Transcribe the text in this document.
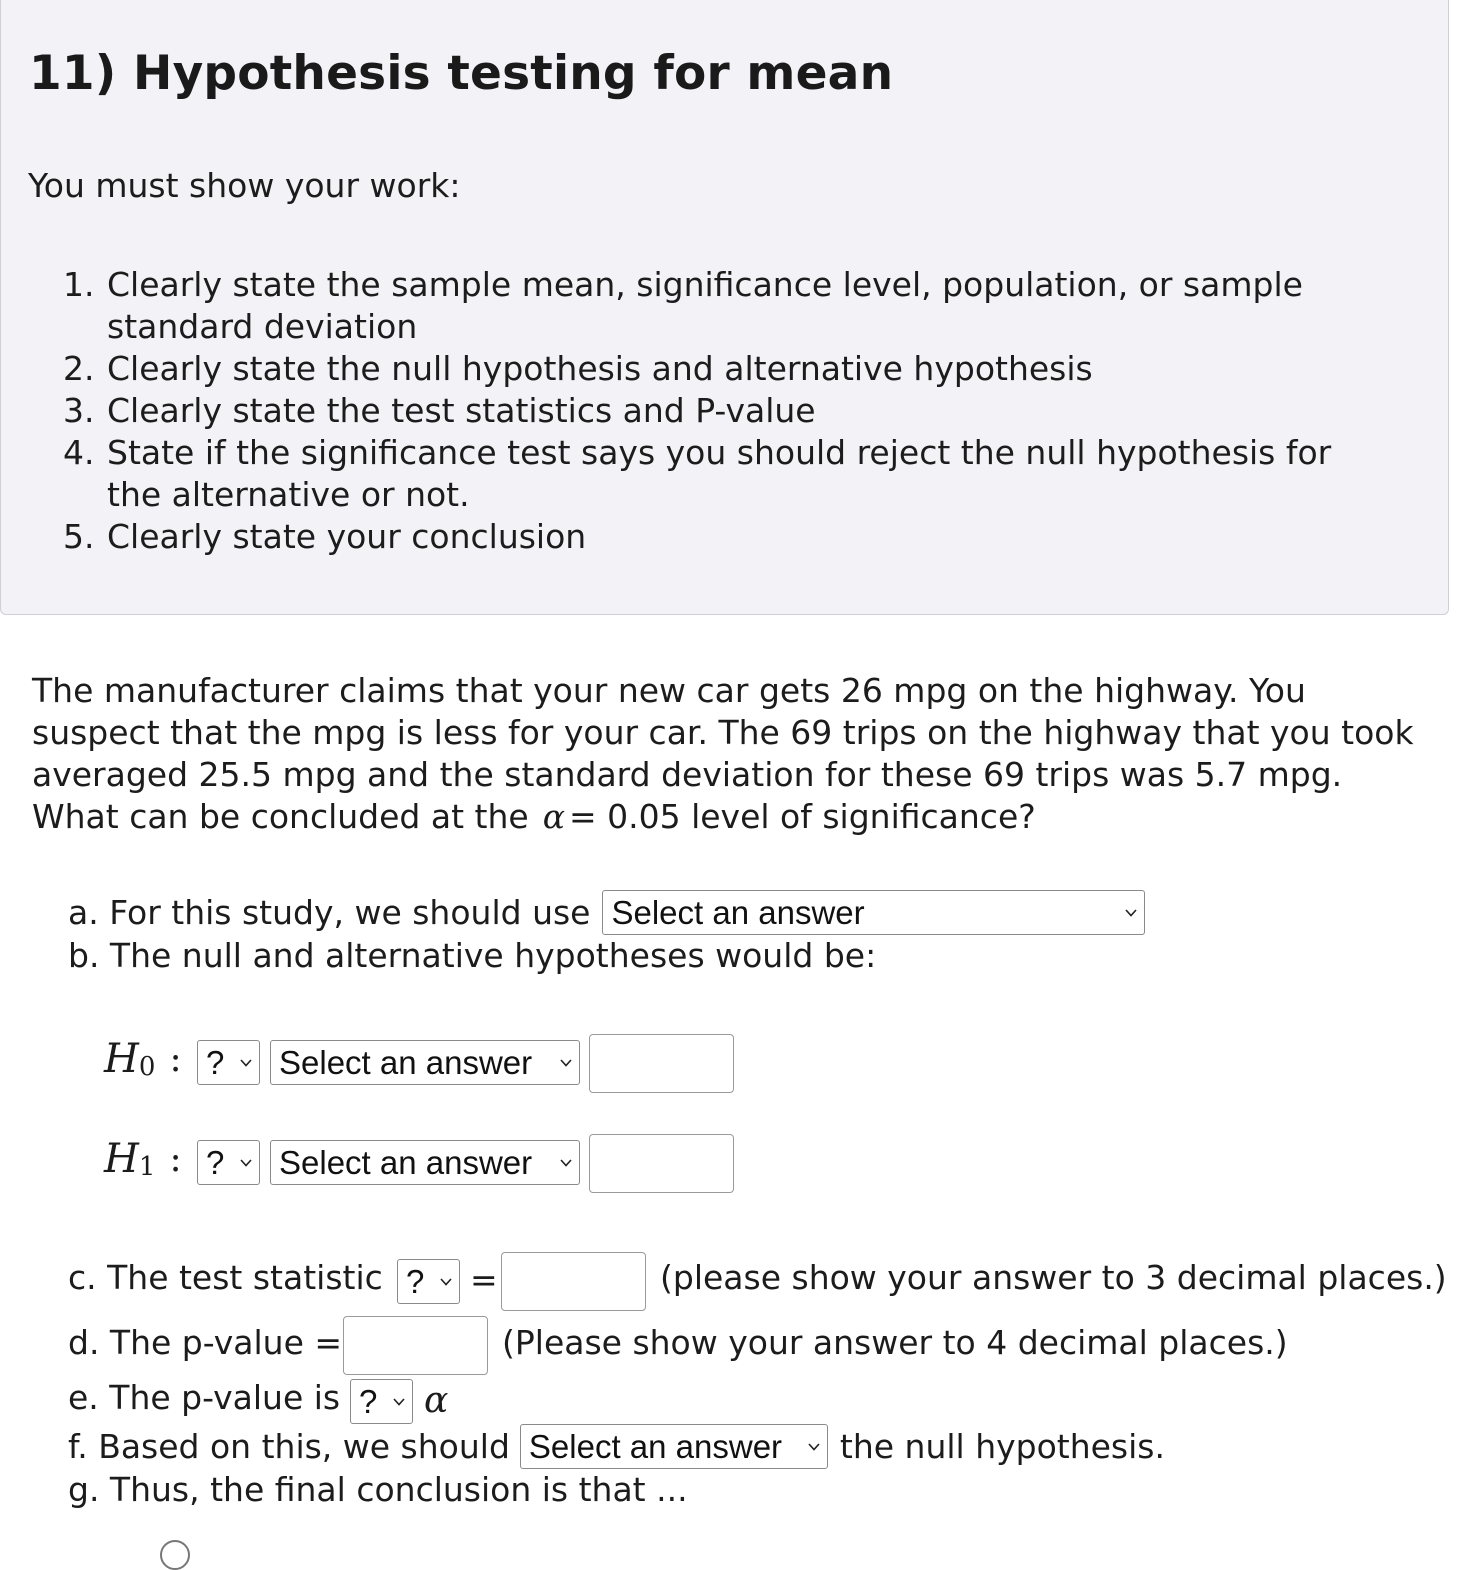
11) Hypothesis testing for mean

You must show your work:

1. Clearly state the sample mean, significance level, population, or sample standard deviation
2. Clearly state the null hypothesis and alternative hypothesis
3. Clearly state the test statistics and P-value
4. State if the significance test says you should reject the null hypothesis for the alternative or not.
5. Clearly state your conclusion

The manufacturer claims that your new car gets 26 mpg on the highway. You suspect that the mpg is less for your car. The 69 trips on the highway that you took averaged 25.5 mpg and the standard deviation for these 69 trips was 5.7 mpg. What can be concluded at the α = 0.05 level of significance?

a. For this study, we should use Select an answer
b. The null and alternative hypotheses would be:
$H_0$ : ? Select an answer
$H_1$ : ? Select an answer
c. The test statistic ? =	(please show your answer to 3 decimal places.)
d. The p-value =	(Please show your answer to 4 decimal places.)
e. The p-value is ?	α
f. Based on this, we should Select an answer the null hypothesis.
g. Thus, the final conclusion is that ...
